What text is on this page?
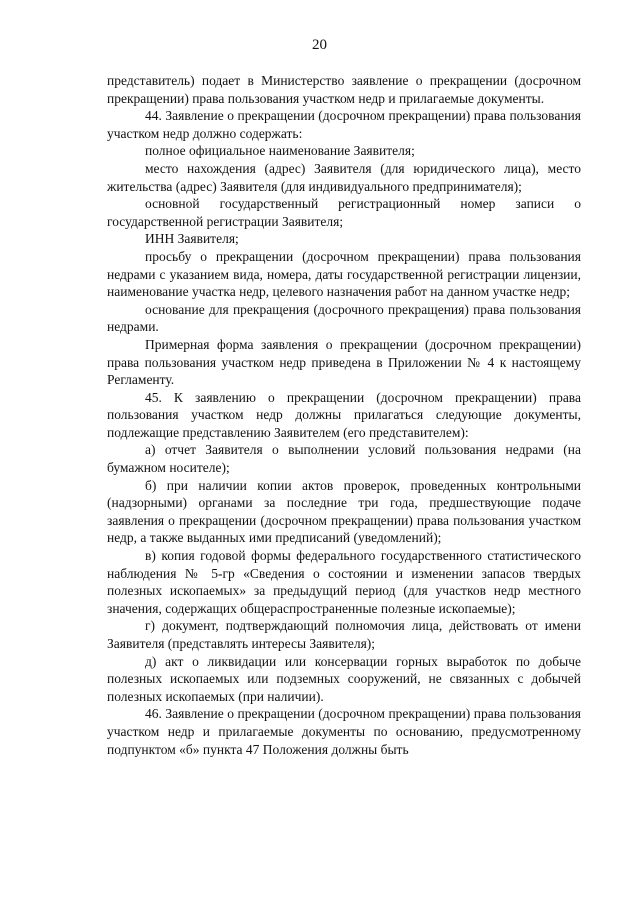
20

представитель) подает в Министерство заявление о прекращении (досрочном прекращении) права пользования участком недр и прилагаемые документы.

44. Заявление о прекращении (досрочном прекращении) права пользования участком недр должно содержать:

полное официальное наименование Заявителя;

место нахождения (адрес) Заявителя (для юридического лица), место жительства (адрес) Заявителя (для индивидуального предпринимателя);

основной государственный регистрационный номер записи о государственной регистрации Заявителя;

ИНН Заявителя;

просьбу о прекращении (досрочном прекращении) права пользования недрами с указанием вида, номера, даты государственной регистрации лицензии, наименование участка недр, целевого назначения работ на данном участке недр;

основание для прекращения (досрочного прекращения) права пользования недрами.

Примерная форма заявления о прекращении (досрочном прекращении) права пользования участком недр приведена в Приложении № 4 к настоящему Регламенту.

45. К заявлению о прекращении (досрочном прекращении) права пользования участком недр должны прилагаться следующие документы, подлежащие представлению Заявителем (его представителем):

а) отчет Заявителя о выполнении условий пользования недрами (на бумажном носителе);

б) при наличии копии актов проверок, проведенных контрольными (надзорными) органами за последние три года, предшествующие подаче заявления о прекращении (досрочном прекращении) права пользования участком недр, а также выданных ими предписаний (уведомлений);

в) копия годовой формы федерального государственного статистического наблюдения № 5-гр «Сведения о состоянии и изменении запасов твердых полезных ископаемых» за предыдущий период (для участков недр местного значения, содержащих общераспространенные полезные ископаемые);

г) документ, подтверждающий полномочия лица, действовать от имени Заявителя (представлять интересы Заявителя);

д) акт о ликвидации или консервации горных выработок по добыче полезных ископаемых или подземных сооружений, не связанных с добычей полезных ископаемых (при наличии).

46. Заявление о прекращении (досрочном прекращении) права пользования участком недр и прилагаемые документы по основанию, предусмотренному подпунктом «б» пункта 47 Положения должны быть
